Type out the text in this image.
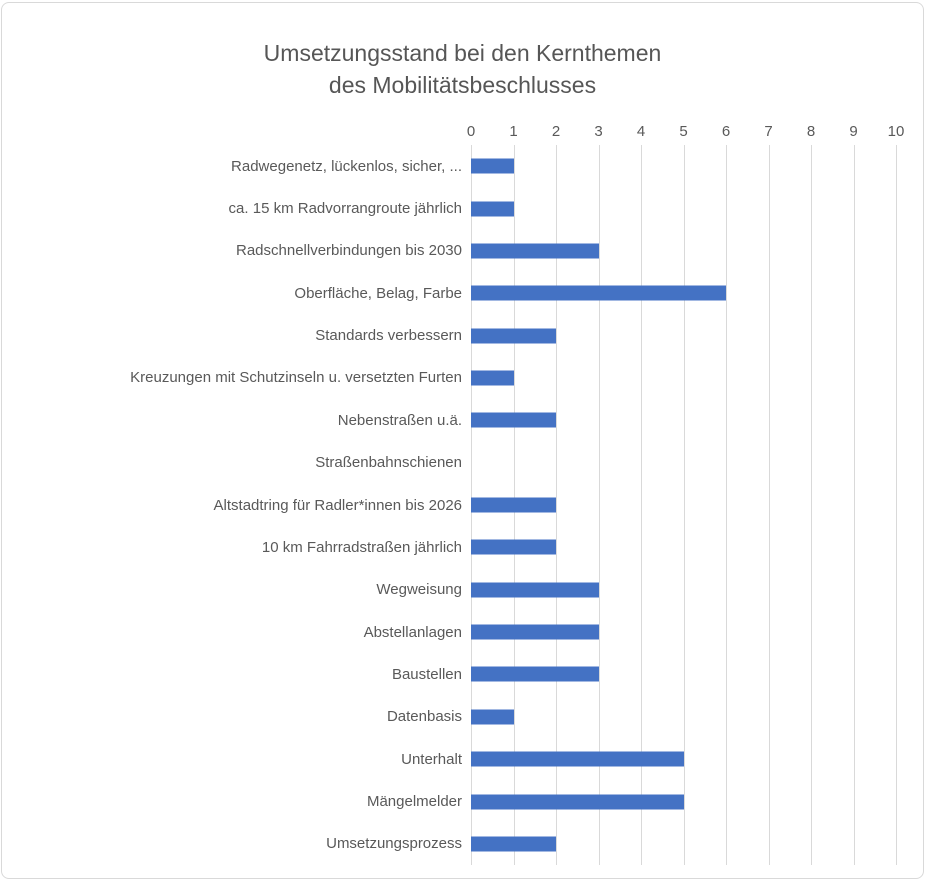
Umsetzungsstand bei den Kernthemen
des Mobilitätsbeschlusses
0 1 2 3 4 5 6 7 8 9 10
Radwegenetz, lückenlos, sicher, ...
ca. 15 km Radvorrangroute jährlich
Radschnellverbindungen bis 2030
Oberfläche, Belag, Farbe
Standards verbessern
Kreuzungen mit Schutzinseln u. versetzten Furten
Nebenstraßen u.ä.
Straßenbahnschienen
Altstadtring für Radler*innen bis 2026
10 km Fahrradstraßen jährlich
Wegweisung
Abstellanlagen
Baustellen
Datenbasis
Unterhalt
Mängelmelder
Umsetzungsprozess
